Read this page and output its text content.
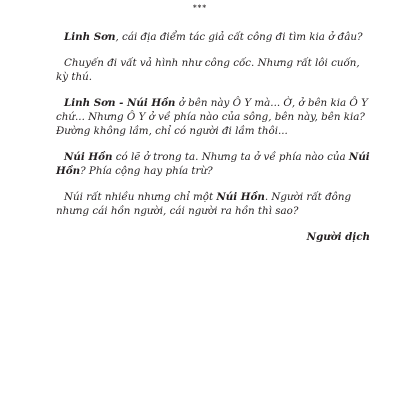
***

Linh Sơn, cái địa điểm tác giả cất công đi tìm kia ở đâu?

Chuyến đi vất vả hình như công cốc. Nhưng rất lôi cuốn, kỳ thú.

Linh Sơn - Núi Hồn ở bên này Ô Y mà... Ờ, ở bên kia Ô Y chứ... Nhưng Ô Y ở về phía nào của sông, bên này, bên kia? Đường không lầm, chỉ có người đi lầm thôi...

Núi Hồn có lẽ ở trong ta. Nhưng ta ở về phía nào của Núi Hồn? Phía cộng hay phía trừ?

Núi rất nhiều nhưng chỉ một Núi Hồn. Người rất đông nhưng cái hồn người, cái người ra hồn thì sao?

Người dịch
